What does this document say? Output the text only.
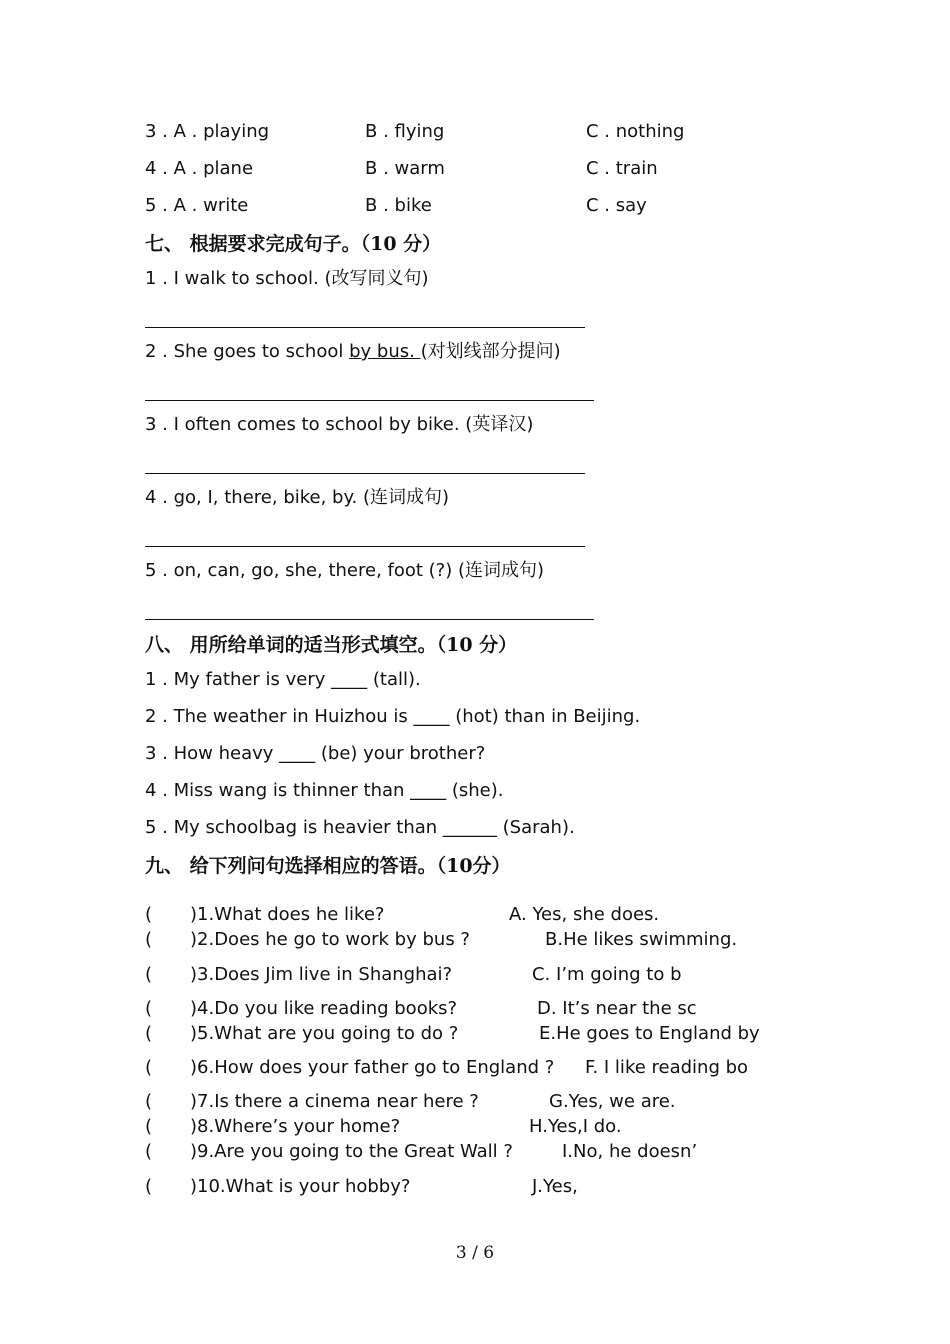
3 . A . playing	B . flying	C . nothing
4 . A . plane	B . warm	C . train
5 . A . write	B . bike	C . say
七、 根据要求完成句子。（10 分）
1 . I walk to school. (改写同义句)
2 . She goes to school by bus. (对划线部分提问)
3 . I often comes to school by bike. (英译汉)
4 . go, I, there, bike, by. (连词成句)
5 . on, can, go, she, there, foot (?) (连词成句)
八、 用所给单词的适当形式填空。（10 分）
1 . My father is very ____ (tall).
2 . The weather in Huizhou is ____ (hot) than in Beijing.
3 . How heavy ____ (be) your brother?
4 . Miss wang is thinner than ____ (she).
5 . My schoolbag is heavier than ______ (Sarah).
九、 给下列问句选择相应的答语。（10分）
( )1.What does he like?	A. Yes, she does.
( )2.Does he go to work by bus ?	B.He likes swimming.
( )3.Does Jim live in Shanghai?	C. I’m going to b
( )4.Do you like reading books?	D. It’s near the sc
( )5.What are you going to do ?	E.He goes to England by
( )6.How does your father go to England ? F. I like reading bo
( )7.Is there a cinema near here ?	G.Yes, we are.
( )8.Where’s your home?	H.Yes,I do.
( )9.Are you going to the Great Wall ?	I.No, he doesn’
( )10.What is your hobby?	J.Yes,
3 / 6
